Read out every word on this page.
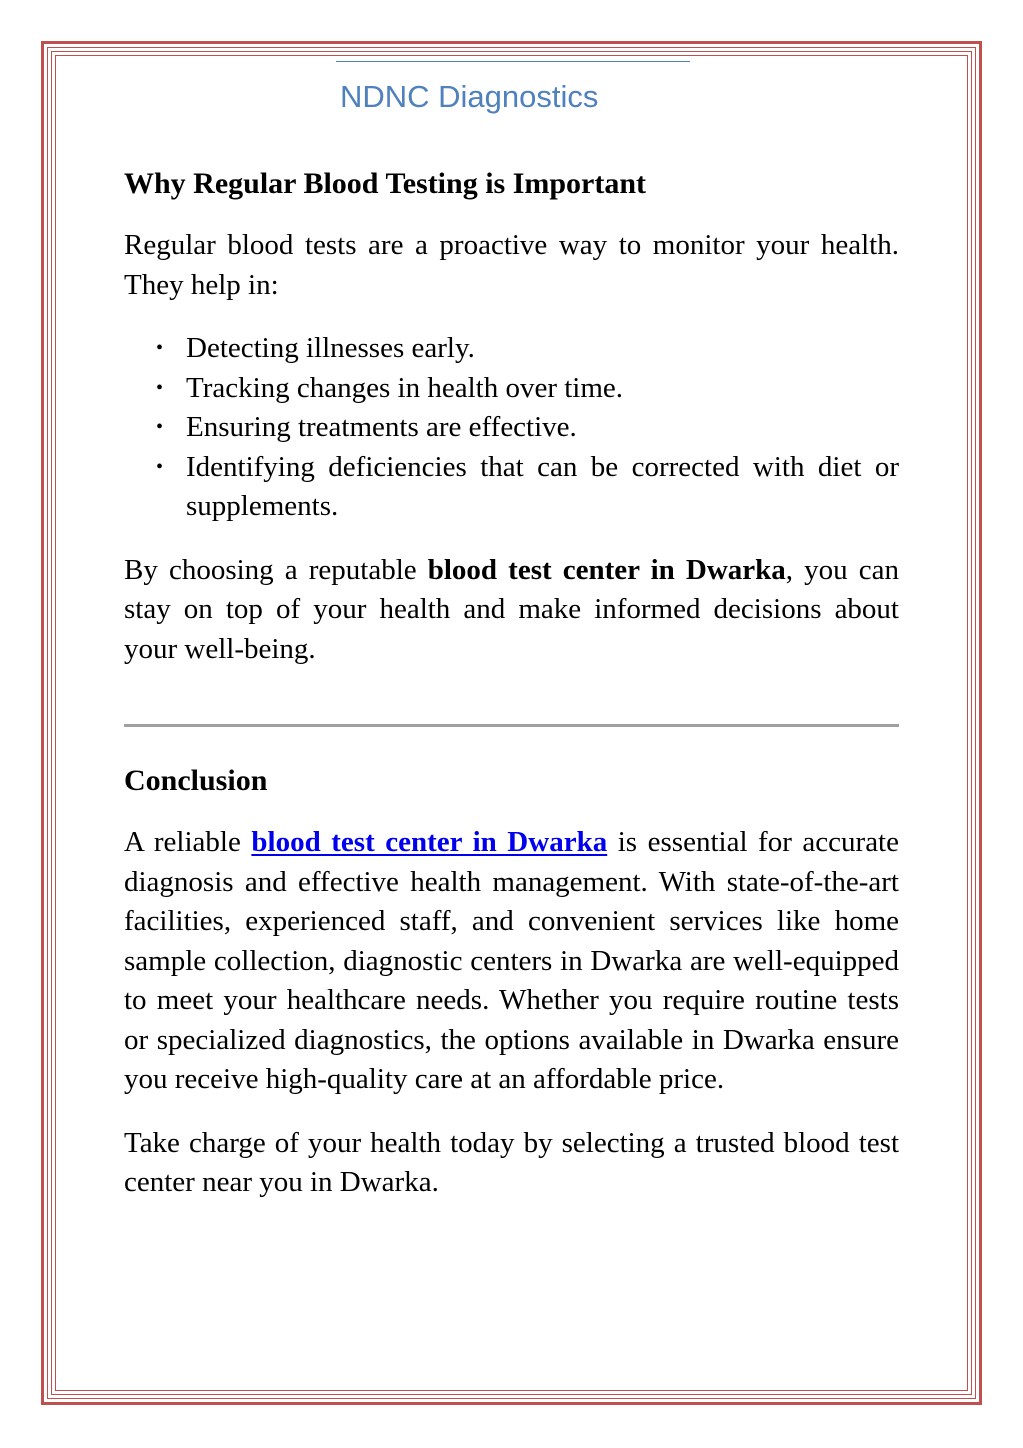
NDNC Diagnostics
Why Regular Blood Testing is Important

Regular blood tests are a proactive way to monitor your health. They help in:

• Detecting illnesses early.
• Tracking changes in health over time.
• Ensuring treatments are effective.
• Identifying deficiencies that can be corrected with diet or supplements.

By choosing a reputable blood test center in Dwarka, you can stay on top of your health and make informed decisions about your well-being.

Conclusion

A reliable blood test center in Dwarka is essential for accurate diagnosis and effective health management. With state-of-the-art facilities, experienced staff, and convenient services like home sample collection, diagnostic centers in Dwarka are well-equipped to meet your healthcare needs. Whether you require routine tests or specialized diagnostics, the options available in Dwarka ensure you receive high-quality care at an affordable price.

Take charge of your health today by selecting a trusted blood test center near you in Dwarka.
